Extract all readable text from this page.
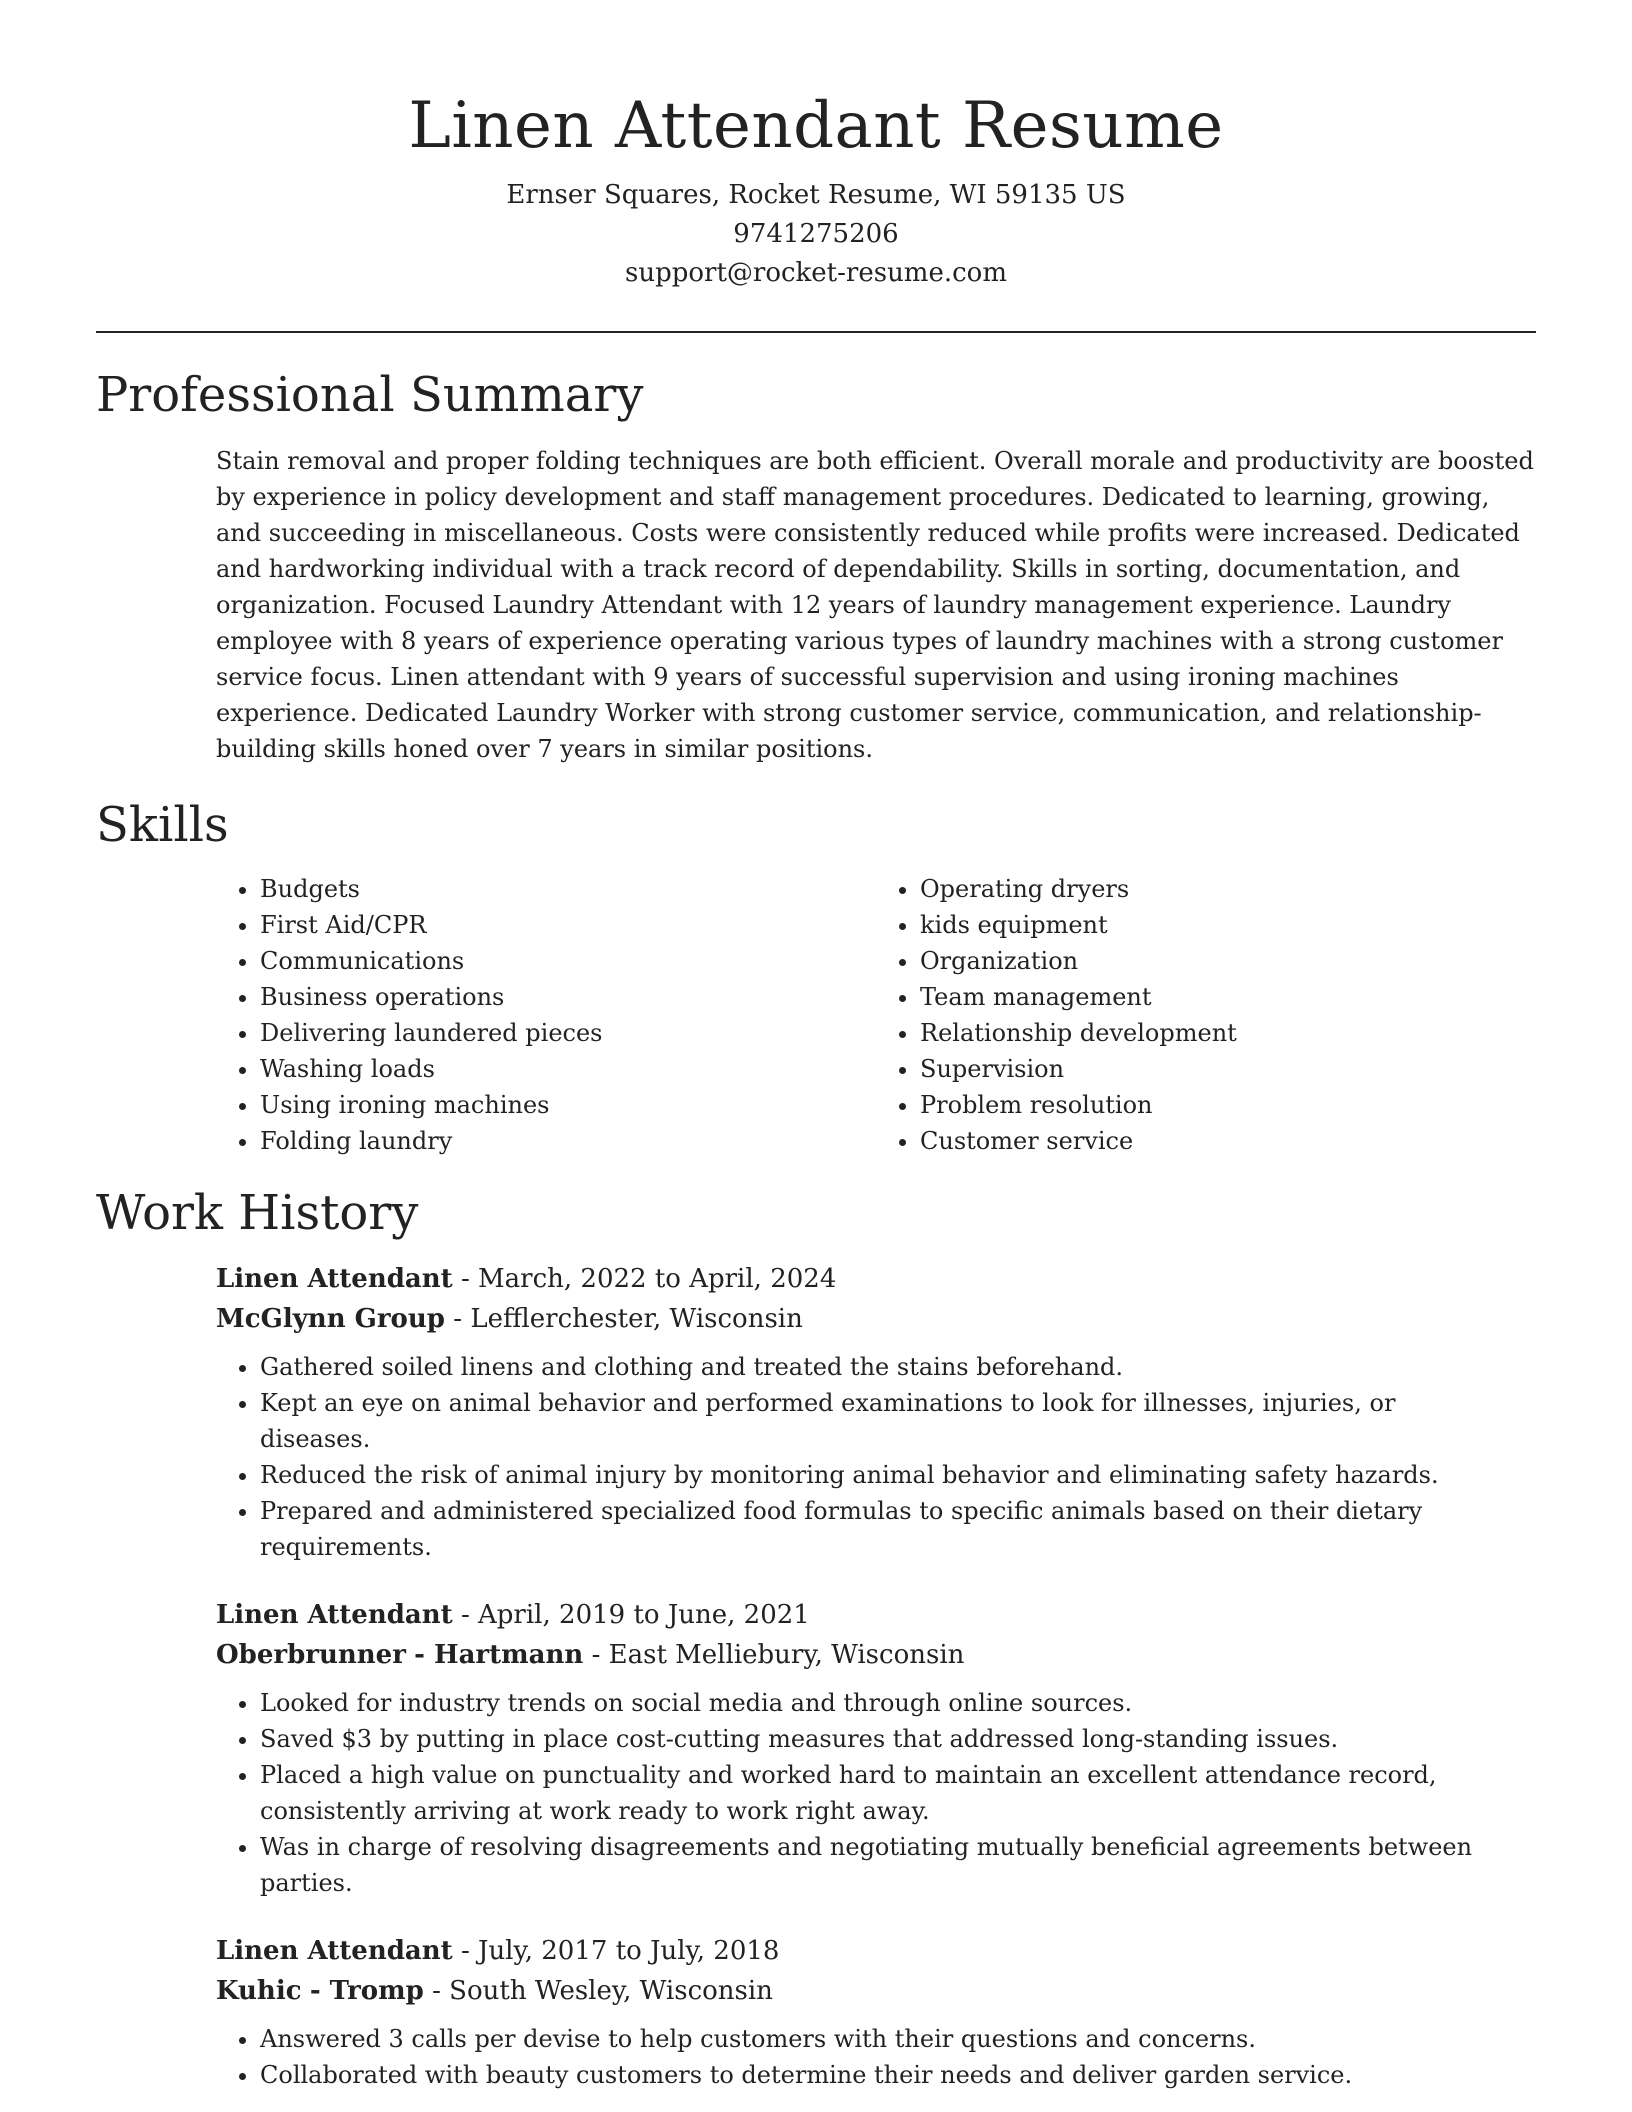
Linen Attendant Resume

Ernser Squares, Rocket Resume, WI 59135 US

9741275206

support@rocket-resume.com

Professional Summary

Stain removal and proper folding techniques are both efficient. Overall morale and productivity are boosted by experience in policy development and staff management procedures. Dedicated to learning, growing, and succeeding in miscellaneous. Costs were consistently reduced while profits were increased. Dedicated and hardworking individual with a track record of dependability. Skills in sorting, documentation, and organization. Focused Laundry Attendant with 12 years of laundry management experience. Laundry employee with 8 years of experience operating various types of laundry machines with a strong customer service focus. Linen attendant with 9 years of successful supervision and using ironing machines experience. Dedicated Laundry Worker with strong customer service, communication, and relationship-building skills honed over 7 years in similar positions.

Skills
• Budgets
• First Aid/CPR
• Communications
• Business operations
• Delivering laundered pieces
• Washing loads
• Using ironing machines
• Folding laundry
• Operating dryers
• kids equipment
• Organization
• Team management
• Relationship development
• Supervision
• Problem resolution
• Customer service
Work History

Linen Attendant - March, 2022 to April, 2024

McGlynn Group - Lefflerchester, Wisconsin

• Gathered soiled linens and clothing and treated the stains beforehand.
• Kept an eye on animal behavior and performed examinations to look for illnesses, injuries, or diseases.
• Reduced the risk of animal injury by monitoring animal behavior and eliminating safety hazards.
• Prepared and administered specialized food formulas to specific animals based on their dietary requirements.

Linen Attendant - April, 2019 to June, 2021

Oberbrunner - Hartmann - East Melliebury, Wisconsin

• Looked for industry trends on social media and through online sources.
• Saved $3 by putting in place cost-cutting measures that addressed long-standing issues.
• Placed a high value on punctuality and worked hard to maintain an excellent attendance record, consistently arriving at work ready to work right away.
• Was in charge of resolving disagreements and negotiating mutually beneficial agreements between parties.

Linen Attendant - July, 2017 to July, 2018

Kuhic - Tromp - South Wesley, Wisconsin

• Answered 3 calls per devise to help customers with their questions and concerns.
• Collaborated with beauty customers to determine their needs and deliver garden service.
